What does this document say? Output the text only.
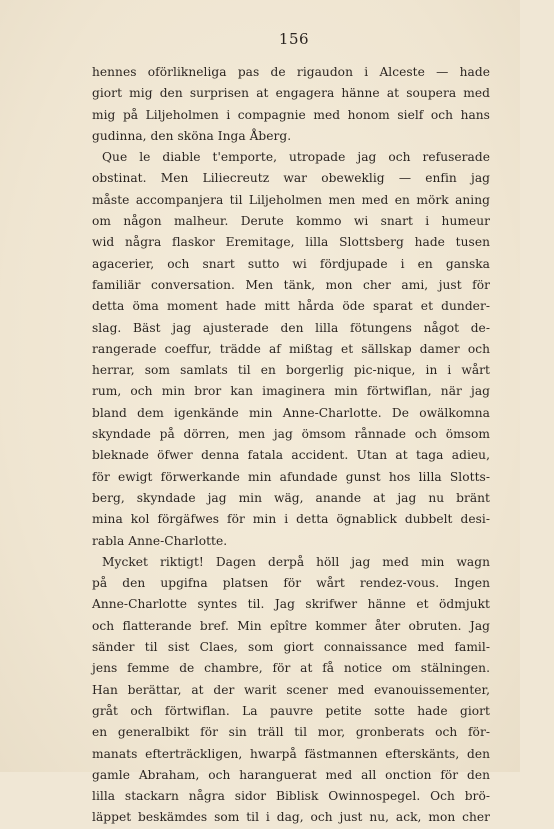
156
hennes oförlikneliga pas de rigaudon i Alceste — hade
giort mig den surprisen at engagera hänne at soupera med
mig på Liljeholmen i compagnie med honom sielf och hans
gudinna, den sköna Inga Åberg.
Que le diable t'emporte, utropade jag och refuserade
obstinat. Men Liliecreutz war obeweklig — enfin jag
måste accompanjera til Liljeholmen men med en mörk aning
om någon malheur. Derute kommo wi snart i humeur
wid några flaskor Eremitage, lilla Slottsberg hade tusen
agacerier, och snart sutto wi fördjupade i en ganska
familiär conversation. Men tänk, mon cher ami, just för
detta öma moment hade mitt hårda öde sparat et dunder-
slag. Bäst jag ajusterade den lilla fötungens något de-
rangerade coeffur, trädde af mißtag et sällskap damer och
herrar, som samlats til en borgerlig pic-nique, in i wårt
rum, och min bror kan imaginera min förtwiflan, när jag
bland dem igenkände min Anne-Charlotte. De owälkomna
skyndade på dörren, men jag ömsom rånnade och ömsom
bleknade öfwer denna fatala accident. Utan at taga adieu,
för ewigt förwerkande min afundade gunst hos lilla Slotts-
berg, skyndade jag min wäg, anande at jag nu bränt
mina kol förgäfwes för min i detta ögnablick dubbelt desi-
rabla Anne-Charlotte.
Mycket riktigt! Dagen derpå höll jag med min wagn
på den upgifna platsen för wårt rendez-vous. Ingen
Anne-Charlotte syntes til. Jag skrifwer hänne et ödmjukt
och flatterande bref. Min epître kommer åter obruten. Jag
sänder til sist Claes, som giort connaissance med famil-
jens femme de chambre, för at få notice om stälningen.
Han berättar, at der warit scener med evanouissementer,
gråt och förtwiflan. La pauvre petite sotte hade giort
en generalbikt för sin träll til mor, gronberats och för-
manats efterträckligen, hwarpå fästmannen efterskänts, den
gamle Abraham, och haranguerat med all onction för den
lilla stackarn några sidor Biblisk Owinnospegel. Och brö-
läppet beskämdes som til i dag, och just nu, ack, mon cher
